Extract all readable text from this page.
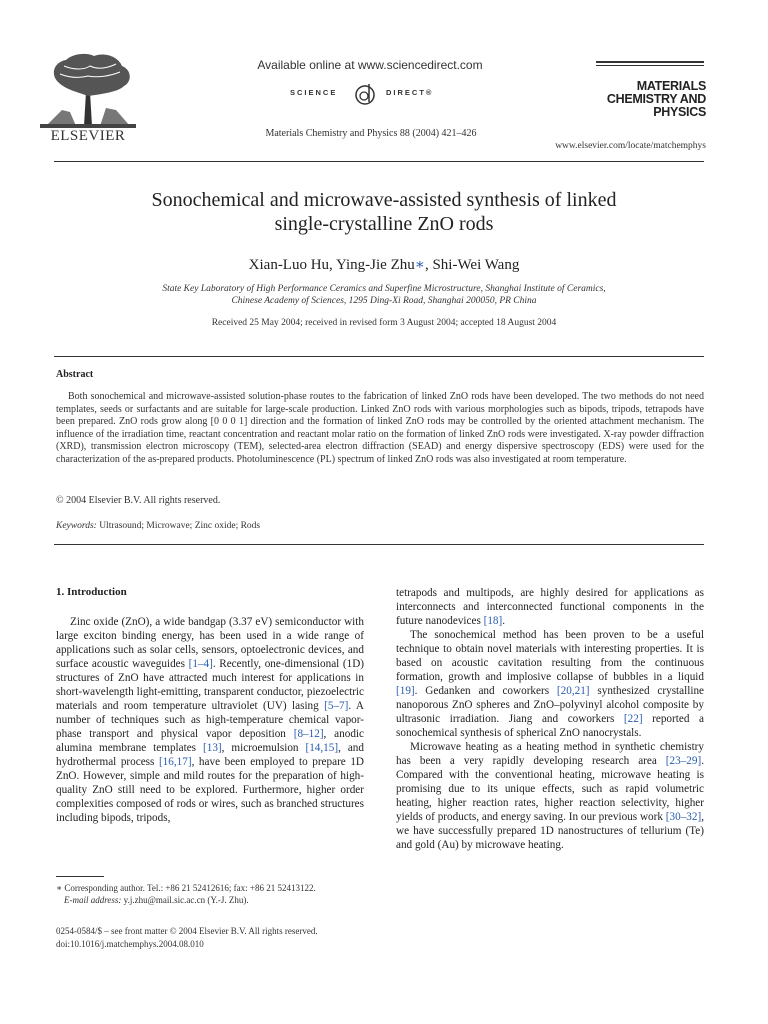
ELSEVIER
Available online at www.sciencedirect.com
SCIENCE	DIRECT®
Materials Chemistry and Physics 88 (2004) 421–426
MATERIALS
CHEMISTRY AND
PHYSICS
www.elsevier.com/locate/matchemphys
Sonochemical and microwave-assisted synthesis of linked
single-crystalline ZnO rods
Xian-Luo Hu, Ying-Jie Zhu∗, Shi-Wei Wang
State Key Laboratory of High Performance Ceramics and Superfine Microstructure, Shanghai Institute of Ceramics,
Chinese Academy of Sciences, 1295 Ding-Xi Road, Shanghai 200050, PR China
Received 25 May 2004; received in revised form 3 August 2004; accepted 18 August 2004
Abstract
Both sonochemical and microwave-assisted solution-phase routes to the fabrication of linked ZnO rods have been developed. The two methods do not need templates, seeds or surfactants and are suitable for large-scale production. Linked ZnO rods with various morphologies such as bipods, tripods, tetrapods have been prepared. ZnO rods grow along [0 0 0 1] direction and the formation of linked ZnO rods may be controlled by the oriented attachment mechanism. The influence of the irradiation time, reactant concentration and reactant molar ratio on the formation of linked ZnO rods were investigated. X-ray powder diffraction (XRD), transmission electron microscopy (TEM), selected-area electron diffraction (SEAD) and energy dispersive spectroscopy (EDS) were used for the characterization of the as-prepared products. Photoluminescence (PL) spectrum of linked ZnO rods was also investigated at room temperature.
© 2004 Elsevier B.V. All rights reserved.
Keywords: Ultrasound; Microwave; Zinc oxide; Rods
1. Introduction

Zinc oxide (ZnO), a wide bandgap (3.37 eV) semiconductor with large exciton binding energy, has been used in a wide range of applications such as solar cells, sensors, optoelectronic devices, and surface acoustic waveguides [1–4]. Recently, one-dimensional (1D) structures of ZnO have attracted much interest for applications in short-wavelength light-emitting, transparent conductor, piezoelectric materials and room temperature ultraviolet (UV) lasing [5–7]. A number of techniques such as high-temperature chemical vapor-phase transport and physical vapor deposition [8–12], anodic alumina membrane templates [13], microemulsion [14,15], and hydrothermal process [16,17], have been employed to prepare 1D ZnO. However, simple and mild routes for the preparation of high-quality ZnO still need to be explored. Furthermore, higher order complexities composed of rods or wires, such as branched structures including bipods, tripods,

tetrapods and multipods, are highly desired for applications as interconnects and interconnected functional components in the future nanodevices [18].

The sonochemical method has been proven to be a useful technique to obtain novel materials with interesting properties. It is based on acoustic cavitation resulting from the continuous formation, growth and implosive collapse of bubbles in a liquid [19]. Gedanken and coworkers [20,21] synthesized crystalline nanoporous ZnO spheres and ZnO–polyvinyl alcohol composite by ultrasonic irradiation. Jiang and coworkers [22] reported a sonochemical synthesis of spherical ZnO nanocrystals.

Microwave heating as a heating method in synthetic chemistry has been a very rapidly developing research area [23–29]. Compared with the conventional heating, microwave heating is promising due to its unique effects, such as rapid volumetric heating, higher reaction rates, higher reaction selectivity, higher yields of products, and energy saving. In our previous work [30–32], we have successfully prepared 1D nanostructures of tellurium (Te) and gold (Au) by microwave heating.

∗ Corresponding author. Tel.: +86 21 52412616; fax: +86 21 52413122.
E-mail address: y.j.zhu@mail.sic.ac.cn (Y.-J. Zhu).
0254-0584/$ – see front matter © 2004 Elsevier B.V. All rights reserved.
doi:10.1016/j.matchemphys.2004.08.010
